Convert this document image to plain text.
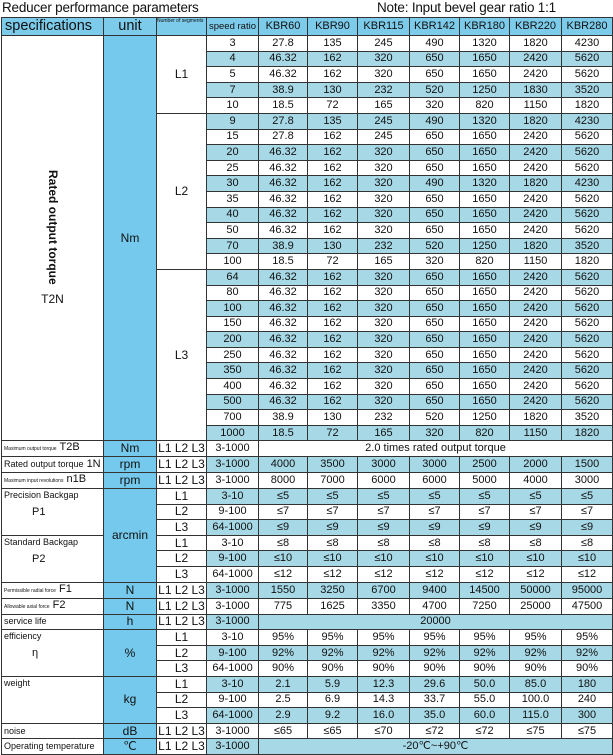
Reducer performance parameters	Note: Input bevel gear ratio 1:1
specifications	unit	Number of segments	speed ratio	KBR60	KBR90	KBR115	KBR142	KBR180	KBR220	KBR280
Rated output torque
T2N	Nm	L1	3	27.8	135	245	490	1320	1820	4230
			4	46.32	162	320	650	1650	2420	5620
			5	46.32	162	320	650	1650	2420	5620
			7	38.9	130	232	520	1250	1830	3520
			10	18.5	72	165	320	820	1150	1820
		L2	9	27.8	135	245	490	1320	1820	4230
			15	27.8	162	245	650	1650	2420	5620
			20	46.32	162	320	650	1650	2420	5620
			25	46.32	162	320	650	1650	2420	5620
			30	46.32	162	320	490	1320	1820	4230
			35	46.32	162	320	650	1650	2420	5620
			40	46.32	162	320	650	1650	2420	5620
			50	46.32	162	320	650	1650	2420	5620
			70	38.9	130	232	520	1250	1820	3520
			100	18.5	72	165	320	820	1150	1820
		L3	64	46.32	162	320	650	1650	2420	5620
			80	46.32	162	320	650	1650	2420	5620
			100	46.32	162	320	650	1650	2420	5620
			150	46.32	162	320	650	1650	2420	5620
			200	46.32	162	320	650	1650	2420	5620
			250	46.32	162	320	650	1650	2420	5620
			350	46.32	162	320	650	1650	2420	5620
			400	46.32	162	320	650	1650	2420	5620
			500	46.32	162	320	650	1650	2420	5620
			700	38.9	130	232	520	1250	1820	3520
			1000	18.5	72	165	320	820	1150	1820
Maximum output torque T2B	Nm	L1 L2 L3	3-1000	2.0 times rated output torque						
Rated output torque 1N	rpm	L1 L2 L3	3-1000	4000	3500	3000	3000	2500	2000	1500
Maximum input revolutions n1B	rpm	L1 L2 L3	3-1000	8000	7000	6000	6000	5000	4000	3000
Precision Backgap
P1	arcmin	L1	3-10	≤5	≤5	≤5	≤5	≤5	≤5	≤5
		L2	9-100	≤7	≤7	≤7	≤7	≤7	≤7	≤7
		L3	64-1000	≤9	≤9	≤9	≤9	≤9	≤9	≤9
Standard Backgap
P2		L1	3-10	≤8	≤8	≤8	≤8	≤8	≤8	≤8
		L2	9-100	≤10	≤10	≤10	≤10	≤10	≤10	≤10
		L3	64-1000	≤12	≤12	≤12	≤12	≤12	≤12	≤12
Permissible radial force F1	N	L1 L2 L3	3-1000	1550	3250	6700	9400	14500	50000	95000
Allowable axial force F2	N	L1 L2 L3	3-1000	775	1625	3350	4700	7250	25000	47500
service life	h	L1 L2 L3	3-1000	20000						
efficiency
η	%	L1	3-10	95%	95%	95%	95%	95%	95%	95%
		L2	9-100	92%	92%	92%	92%	92%	92%	92%
		L3	64-1000	90%	90%	90%	90%	90%	90%	90%
weight	kg	L1	3-10	2.1	5.9	12.3	29.6	50.0	85.0	180
		L2	9-100	2.5	6.9	14.3	33.7	55.0	100.0	240
		L3	64-1000	2.9	9.2	16.0	35.0	60.0	115.0	300
noise	dB	L1 L2 L3	3-1000	≤65	≤65	≤70	≤72	≤72	≤75	≤75
Operating temperature	℃	L1 L2 L3	3-1000	-20℃~+90℃						
